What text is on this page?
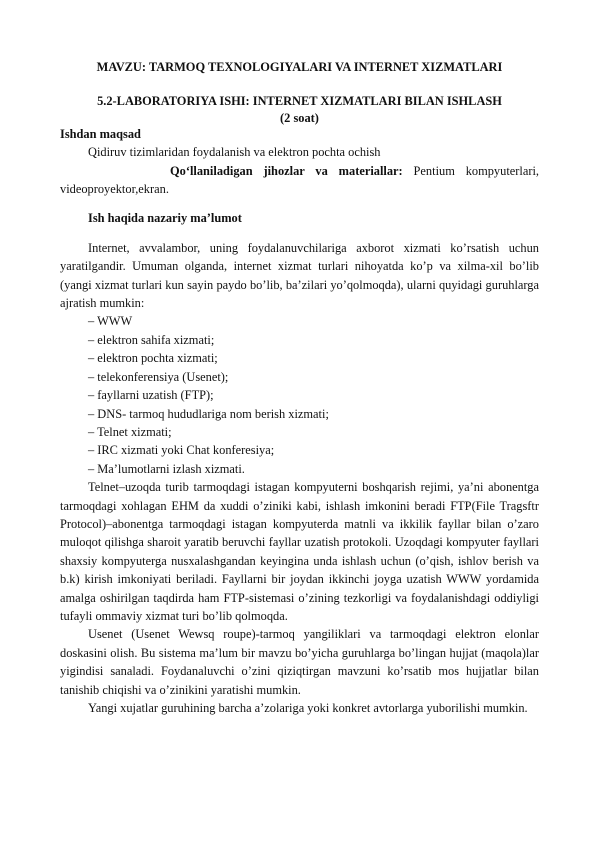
MAVZU: TARMOQ TEXNOLOGIYALARI VA INTERNET XIZMATLARI

5.2-LABORATORIYA ISHI: INTERNET XIZMATLARI BILAN ISHLASH

(2 soat)

Ishdan maqsad

Qidiruv tizimlaridan foydalanish va elektron pochta ochish

Qo‘llaniladigan jihozlar va materiallar: Pentium kompyuterlari, videoproyektor,ekran.

Ish haqida nazariy ma’lumot

Internet, avvalambor, uning foydalanuvchilariga axborot xizmati ko’rsatish uchun yaratilgandir. Umuman olganda, internet xizmat turlari nihoyatda ko’p va xilma-xil bo’lib (yangi xizmat turlari kun sayin paydo bo’lib, ba’zilari yo’qolmoqda), ularni quyidagi guruhlarga ajratish mumkin:

– WWW
– elektron sahifa xizmati;
– elektron pochta xizmati;
– telekonferensiya (Usenet);
– fayllarni uzatish (FTP);
– DNS- tarmoq hududlariga nom berish xizmati;
– Telnet xizmati;
– IRC xizmati yoki Chat konferesiya;
– Ma’lumotlarni izlash xizmati.

Telnet–uzoqda turib tarmoqdagi istagan kompyuterni boshqarish rejimi, ya’ni abonentga tarmoqdagi xohlagan EHM da xuddi o’ziniki kabi, ishlash imkonini beradi FTP(File Tragsftr Protocol)–abonentga tarmoqdagi istagan kompyuterda matnli va ikkilik fayllar bilan o’zaro muloqot qilishga sharoit yaratib beruvchi fayllar uzatish protokoli. Uzoqdagi kompyuter fayllari shaxsiy kompyuterga nusxalashgandan keyingina unda ishlash uchun (o’qish, ishlov berish va b.k) kirish imkoniyati beriladi. Fayllarni bir joydan ikkinchi joyga uzatish WWW yordamida amalga oshirilgan taqdirda ham FTP-sistemasi o’zining tezkorligi va foydalanishdagi oddiyligi tufayli ommaviy xizmat turi bo’lib qolmoqda.

Usenet (Usenet Wewsq roupe)-tarmoq yangiliklari va tarmoqdagi elektron elonlar doskasini olish. Bu sistema ma’lum bir mavzu bo’yicha guruhlarga bo’lingan hujjat (maqola)lar yigindisi sanaladi. Foydanaluvchi o’zini qiziqtirgan mavzuni ko’rsatib mos hujjatlar bilan tanishib chiqishi va o’zinikini yaratishi mumkin.

Yangi xujatlar guruhining barcha a’zolariga yoki konkret avtorlarga yuborilishi mumkin.
